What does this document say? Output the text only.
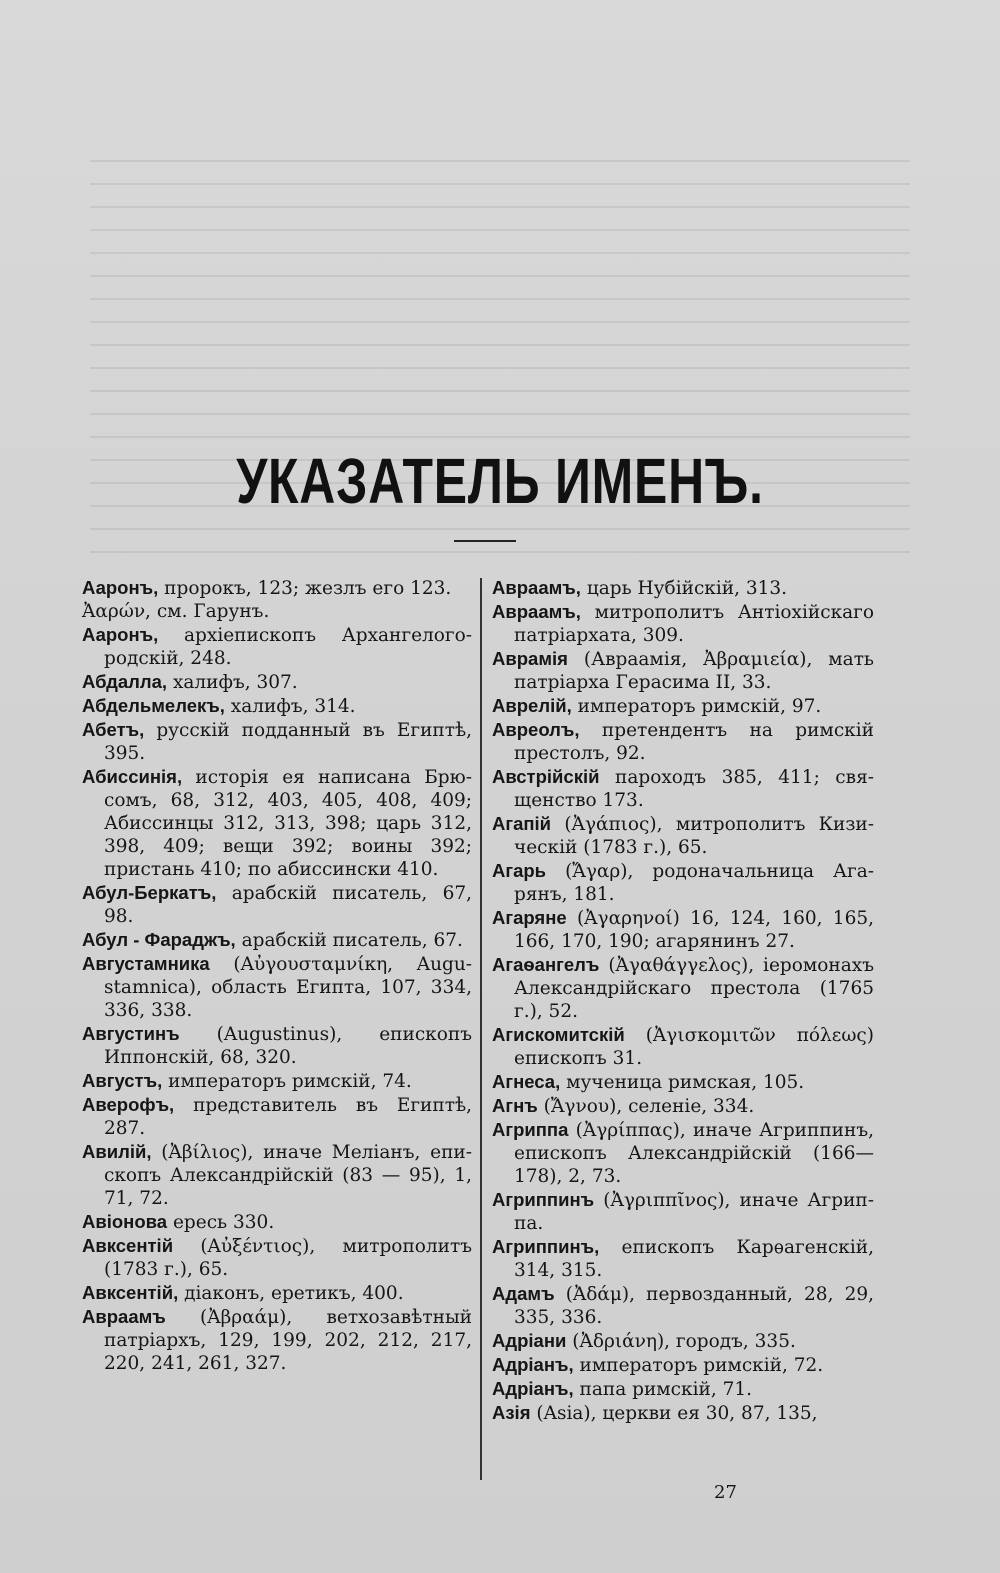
УКАЗАТЕЛЬ ИМЕНЪ.

Ааронъ, пророкъ, 123; жезлъ его 123.

Ἀαρών, см. Гарунъ.

Ааронъ, архіепископъ Архангелого-родскій, 248.

Абдалла, халифъ, 307.

Абдельмелекъ, халифъ, 314.

Абетъ, русскій подданный въ Египтѣ, 395.

Абиссинія, исторія ея написана Брю-сомъ, 68, 312, 403, 405, 408, 409; Абиссинцы 312, 313, 398; царь 312, 398, 409; вещи 392; воины 392; пристань 410; по абиссински 410.

Абул-Беркатъ, арабскій писатель, 67, 98.

Абул - Фараджъ, арабскій писатель, 67.

Августамника (Αὐγουσταμνίκη, Augu-stamnica), область Египта, 107, 334, 336, 338.

Августинъ (Augustinus), епископъ Иппонскій, 68, 320.

Августъ, императоръ римскій, 74.

Аверофъ, представитель въ Египтѣ, 287.

Авилій, (Ἀβίλιος), иначе Меліанъ, епи-скопъ Александрійскій (83 — 95), 1, 71, 72.

Авіонова ересь 330.

Авксентій (Αὐξέντιος), митрополитъ (1783 г.), 65.

Авксентій, діаконъ, еретикъ, 400.

Авраамъ (Ἀβραάμ), ветхозавѣтный патріархъ, 129, 199, 202, 212, 217, 220, 241, 261, 327.

Авраамъ, царь Нубійскій, 313.

Авраамъ, митрополитъ Антіохійскаго патріархата, 309.

Аврамія (Авраамія, Ἀβραμιεία), мать патріарха Герасима II, 33.

Аврелій, императоръ римскій, 97.

Авреолъ, претендентъ на римскій престолъ, 92.

Австрійскій пароходъ 385, 411; свя-щенство 173.

Агапій (Ἀγάπιος), митрополитъ Кизи-ческій (1783 г.), 65.

Агарь (Ἄγαρ), родоначальница Ага-рянъ, 181.

Агаряне (Ἀγαρηνοί) 16, 124, 160, 165, 166, 170, 190; агарянинъ 27.

Агаѳангелъ (Ἀγαθάγγελος), іеромонахъ Александрійскаго престола (1765 г.), 52.

Агискомитскій (Ἀγισκομιτῶν πόλεως) епископъ 31.

Агнеса, мученица римская, 105.

Агнъ (Ἄγνου), селеніе, 334.

Агриппа (Ἀγρίππας), иначе Агриппинъ, епископъ Александрійскій (166— 178), 2, 73.

Агриппинъ (Ἀγριππῖνος), иначе Агрип-па.

Агриппинъ, епископъ Карѳагенскій, 314, 315.

Адамъ (Ἀδάμ), первозданный, 28, 29, 335, 336.

Адріани (Ἀδριάνη), городъ, 335.

Адріанъ, императоръ римскій, 72.

Адріанъ, папа римскій, 71.

Азія (Asia), церкви ея 30, 87, 135,

27
